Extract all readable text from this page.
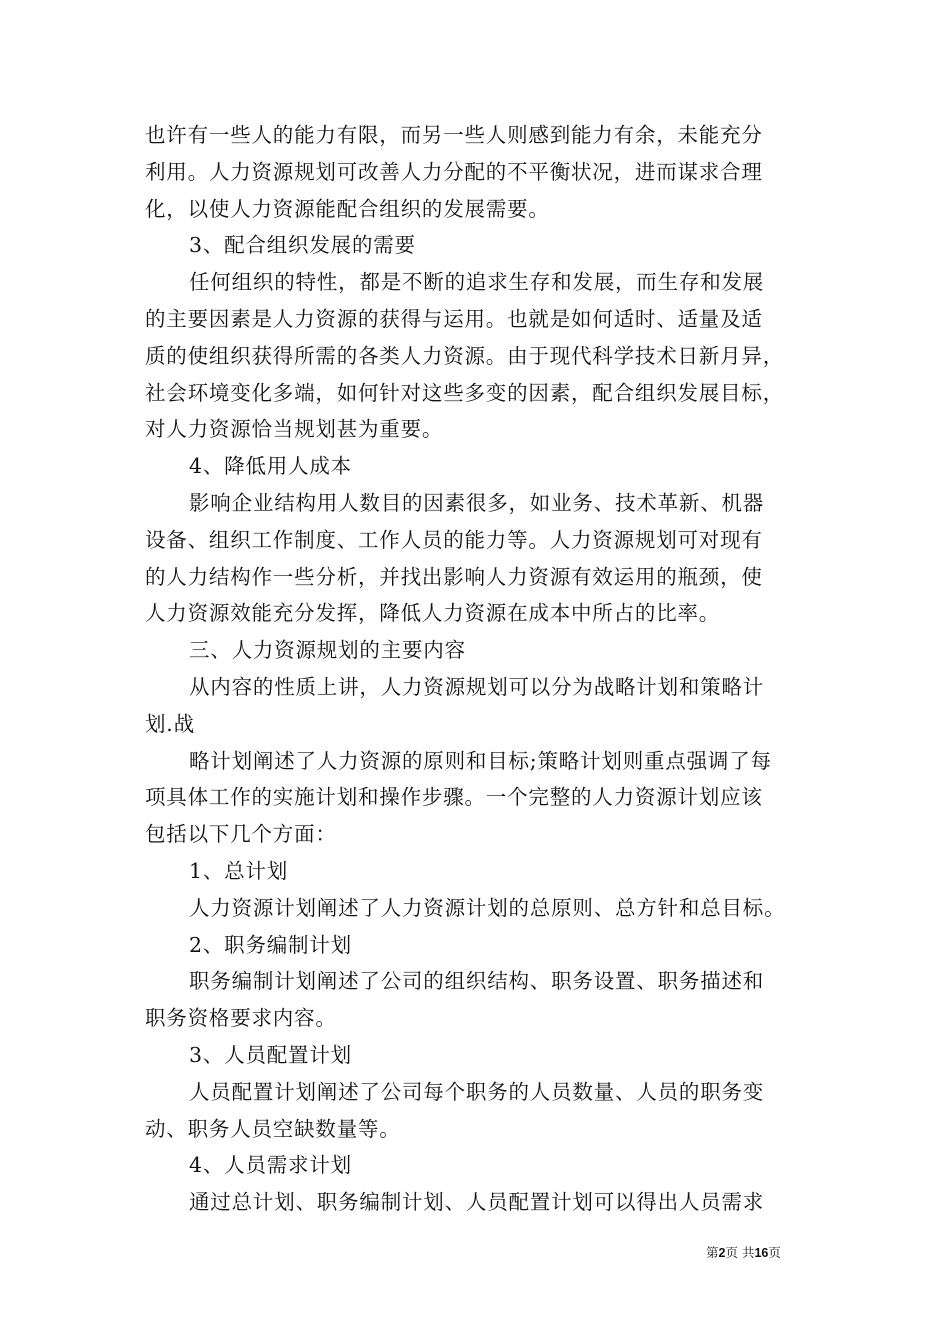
也许有一些人的能力有限，而另一些人则感到能力有余，未能充分
利用。人力资源规划可改善人力分配的不平衡状况，进而谋求合理
化，以使人力资源能配合组织的发展需要。
3、配合组织发展的需要
任何组织的特性，都是不断的追求生存和发展，而生存和发展
的主要因素是人力资源的获得与运用。也就是如何适时、适量及适
质的使组织获得所需的各类人力资源。由于现代科学技术日新月异，
社会环境变化多端，如何针对这些多变的因素，配合组织发展目标，
对人力资源恰当规划甚为重要。
4、降低用人成本
影响企业结构用人数目的因素很多，如业务、技术革新、机器
设备、组织工作制度、工作人员的能力等。人力资源规划可对现有
的人力结构作一些分析，并找出影响人力资源有效运用的瓶颈，使
人力资源效能充分发挥，降低人力资源在成本中所占的比率。
三、人力资源规划的主要内容
从内容的性质上讲，人力资源规划可以分为战略计划和策略计
划.战
略计划阐述了人力资源的原则和目标;策略计划则重点强调了每
项具体工作的实施计划和操作步骤。一个完整的人力资源计划应该
包括以下几个方面：
1、总计划
人力资源计划阐述了人力资源计划的总原则、总方针和总目标。
2、职务编制计划
职务编制计划阐述了公司的组织结构、职务设置、职务描述和
职务资格要求内容。
3、人员配置计划
人员配置计划阐述了公司每个职务的人员数量、人员的职务变
动、职务人员空缺数量等。
4、人员需求计划
通过总计划、职务编制计划、人员配置计划可以得出人员需求
第2页 共16页
